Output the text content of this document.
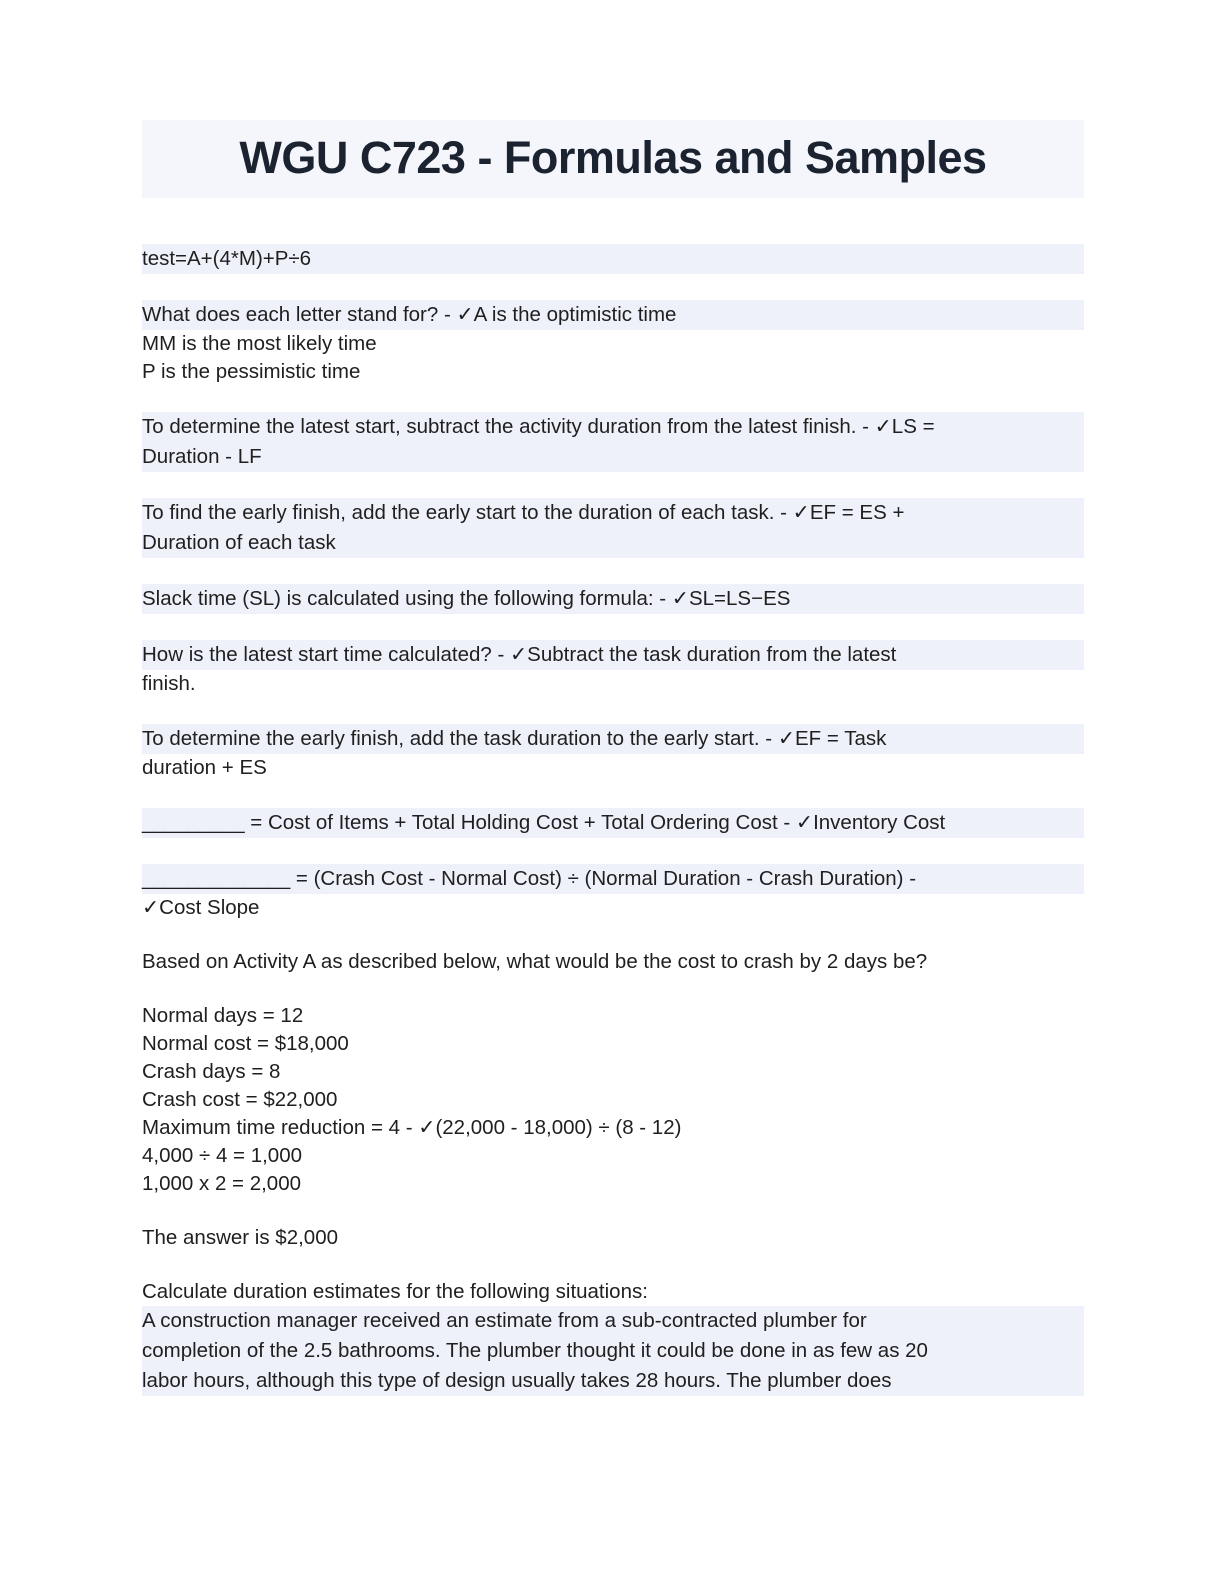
WGU C723 - Formulas and Samples

test=A+(4*M)+P÷6

What does each letter stand for? - ✓A is the optimistic time
MM is the most likely time
P is the pessimistic time

To determine the latest start, subtract the activity duration from the latest finish. - ✓LS =
Duration - LF

To find the early finish, add the early start to the duration of each task. - ✓EF = ES +
Duration of each task

Slack time (SL) is calculated using the following formula: - ✓SL=LS−ES

How is the latest start time calculated? - ✓Subtract the task duration from the latest
finish.

To determine the early finish, add the task duration to the early start. - ✓EF = Task
duration + ES

_________ = Cost of Items + Total Holding Cost + Total Ordering Cost - ✓Inventory Cost

_____________ = (Crash Cost - Normal Cost) ÷ (Normal Duration - Crash Duration) -
✓Cost Slope

Based on Activity A as described below, what would be the cost to crash by 2 days be?

Normal days = 12
Normal cost = $18,000
Crash days = 8
Crash cost = $22,000
Maximum time reduction = 4 - ✓(22,000 - 18,000) ÷ (8 - 12)
4,000 ÷ 4 = 1,000
1,000 x 2 = 2,000

The answer is $2,000

Calculate duration estimates for the following situations:
A construction manager received an estimate from a sub-contracted plumber for
completion of the 2.5 bathrooms. The plumber thought it could be done in as few as 20
labor hours, although this type of design usually takes 28 hours. The plumber does
